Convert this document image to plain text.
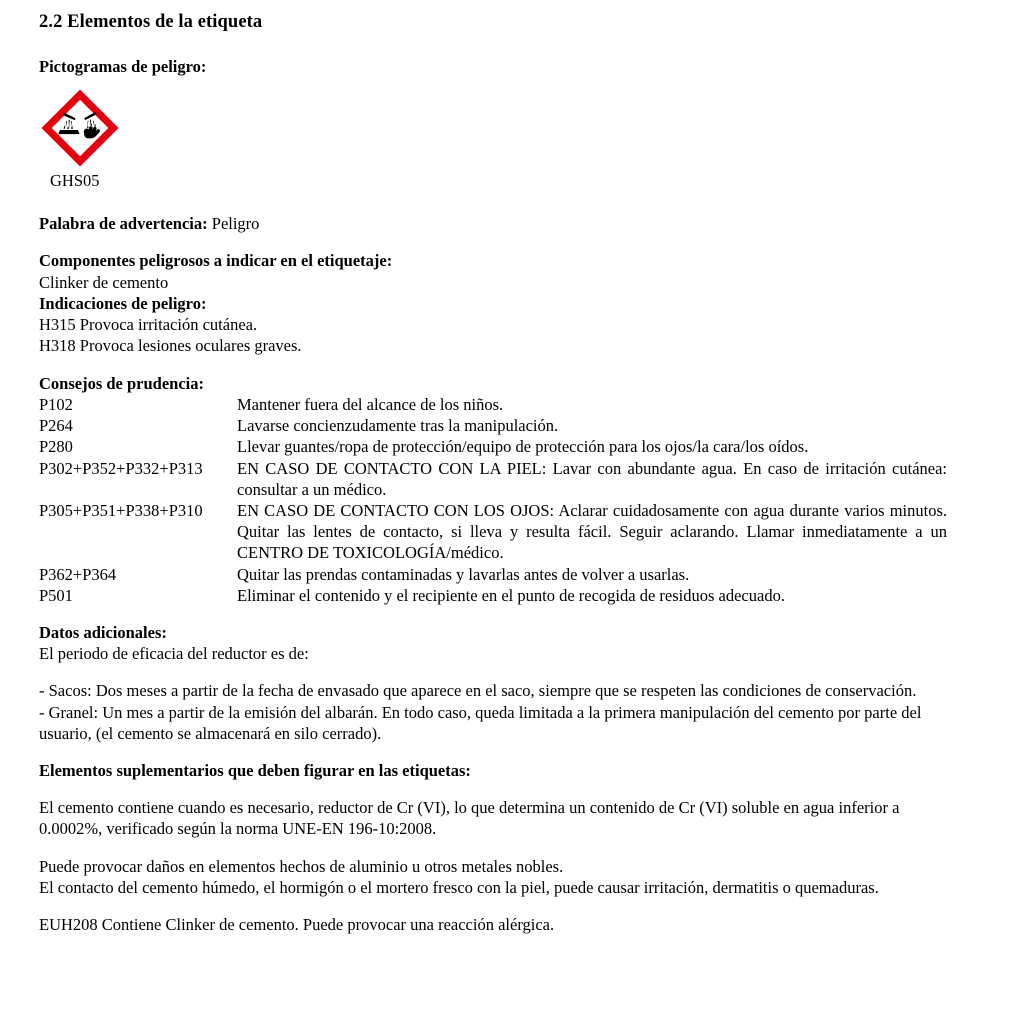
2.2 Elementos de la etiqueta
Pictogramas de peligro:
GHS05
Palabra de advertencia: Peligro
Componentes peligrosos a indicar en el etiquetaje:
Clinker de cemento
Indicaciones de peligro:
H315 Provoca irritación cutánea.
H318 Provoca lesiones oculares graves.
Consejos de prudencia:
P102	Mantener fuera del alcance de los niños.
P264	Lavarse concienzudamente tras la manipulación.
P280	Llevar guantes/ropa de protección/equipo de protección para los ojos/la cara/los oídos.
P302+P352+P332+P313	EN CASO DE CONTACTO CON LA PIEL: Lavar con abundante agua. En caso de irritación cutánea: consultar a un médico.
P305+P351+P338+P310	EN CASO DE CONTACTO CON LOS OJOS: Aclarar cuidadosamente con agua durante varios minutos. Quitar las lentes de contacto, si lleva y resulta fácil. Seguir aclarando. Llamar inmediatamente a un CENTRO DE TOXICOLOGÍA/médico.
P362+P364	Quitar las prendas contaminadas y lavarlas antes de volver a usarlas.
P501	Eliminar el contenido y el recipiente en el punto de recogida de residuos adecuado.
Datos adicionales:
El periodo de eficacia del reductor es de:

- Sacos: Dos meses a partir de la fecha de envasado que aparece en el saco, siempre que se respeten las condiciones de conservación.

- Granel: Un mes a partir de la emisión del albarán. En todo caso, queda limitada a la primera manipulación del cemento por parte del usuario, (el cemento se almacenará en silo cerrado).

Elementos suplementarios que deben figurar en las etiquetas:

El cemento contiene cuando es necesario, reductor de Cr (VI), lo que determina un contenido de Cr (VI) soluble en agua inferior a 0.0002%, verificado según la norma UNE-EN 196-10:2008.

Puede provocar daños en elementos hechos de aluminio u otros metales nobles.

El contacto del cemento húmedo, el hormigón o el mortero fresco con la piel, puede causar irritación, dermatitis o quemaduras.

EUH208 Contiene Clinker de cemento. Puede provocar una reacción alérgica.
